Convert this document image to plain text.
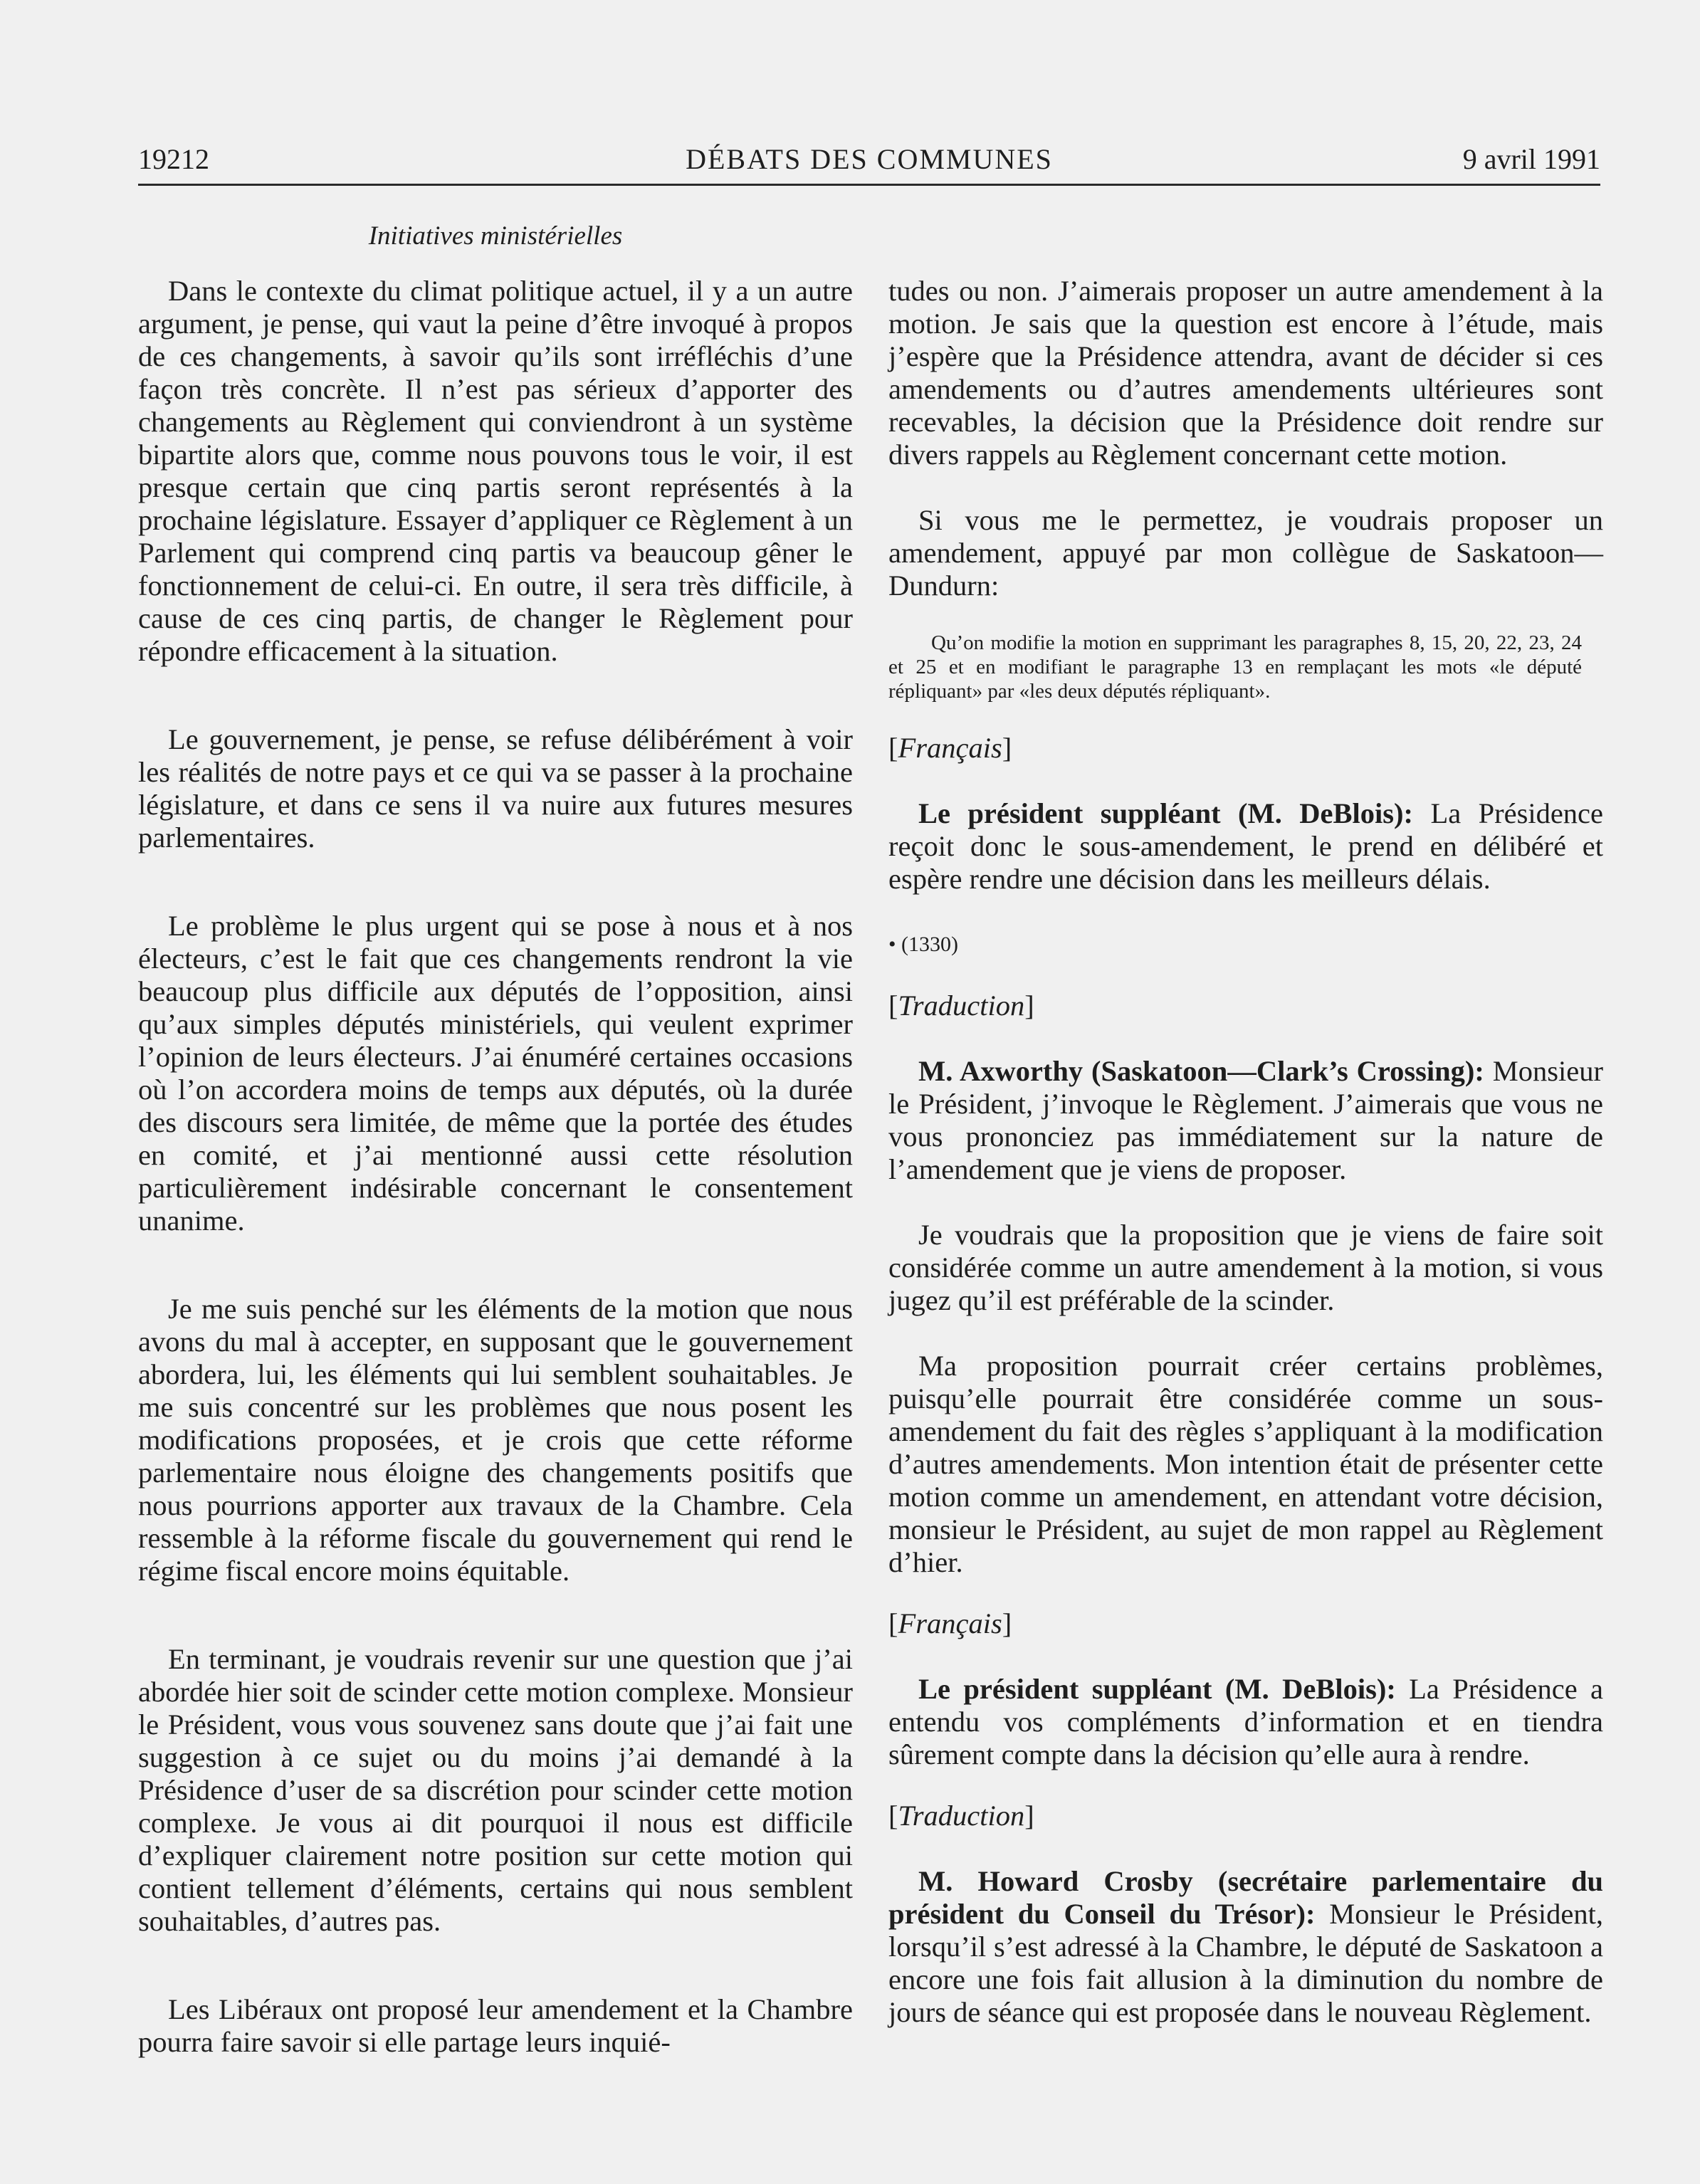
DÉBATS DES COMMUNES
19212	9 avril 1991
Initiatives ministérielles

Dans le contexte du climat politique actuel, il y a un autre argument, je pense, qui vaut la peine d’être invoqué à propos de ces changements, à savoir qu’ils sont irréfléchis d’une façon très concrète. Il n’est pas sérieux d’apporter des changements au Règlement qui conviendront à un système bipartite alors que, comme nous pouvons tous le voir, il est presque certain que cinq partis seront représentés à la prochaine législature. Essayer d’appliquer ce Règlement à un Parlement qui comprend cinq partis va beaucoup gêner le fonctionnement de celui-ci. En outre, il sera très difficile, à cause de ces cinq partis, de changer le Règlement pour répondre efficacement à la situation.

Le gouvernement, je pense, se refuse délibérément à voir les réalités de notre pays et ce qui va se passer à la prochaine législature, et dans ce sens il va nuire aux futures mesures parlementaires.

Le problème le plus urgent qui se pose à nous et à nos électeurs, c’est le fait que ces changements rendront la vie beaucoup plus difficile aux députés de l’opposition, ainsi qu’aux simples députés ministériels, qui veulent exprimer l’opinion de leurs électeurs. J’ai énuméré certaines occasions où l’on accordera moins de temps aux députés, où la durée des discours sera limitée, de même que la portée des études en comité, et j’ai mentionné aussi cette résolution particulièrement indésirable concernant le consentement unanime.

Je me suis penché sur les éléments de la motion que nous avons du mal à accepter, en supposant que le gouvernement abordera, lui, les éléments qui lui semblent souhaitables. Je me suis concentré sur les problèmes que nous posent les modifications proposées, et je crois que cette réforme parlementaire nous éloigne des changements positifs que nous pourrions apporter aux travaux de la Chambre. Cela ressemble à la réforme fiscale du gouvernement qui rend le régime fiscal encore moins équitable.

En terminant, je voudrais revenir sur une question que j’ai abordée hier soit de scinder cette motion complexe. Monsieur le Président, vous vous souvenez sans doute que j’ai fait une suggestion à ce sujet ou du moins j’ai demandé à la Présidence d’user de sa discrétion pour scinder cette motion complexe. Je vous ai dit pourquoi il nous est difficile d’expliquer clairement notre position sur cette motion qui contient tellement d’éléments, certains qui nous semblent souhaitables, d’autres pas.

Les Libéraux ont proposé leur amendement et la Chambre pourra faire savoir si elle partage leurs inquié-

tudes ou non. J’aimerais proposer un autre amendement à la motion. Je sais que la question est encore à l’étude, mais j’espère que la Présidence attendra, avant de décider si ces amendements ou d’autres amendements ultérieures sont recevables, la décision que la Présidence doit rendre sur divers rappels au Règlement concernant cette motion.

Si vous me le permettez, je voudrais proposer un amendement, appuyé par mon collègue de Saskatoon—Dundurn:

Qu’on modifie la motion en supprimant les paragraphes 8, 15, 20, 22, 23, 24 et 25 et en modifiant le paragraphe 13 en remplaçant les mots «le député répliquant» par «les deux députés répliquant».

[Français]

Le président suppléant (M. DeBlois): La Présidence reçoit donc le sous-amendement, le prend en délibéré et espère rendre une décision dans les meilleurs délais.

• (1330)

[Traduction]

M. Axworthy (Saskatoon—Clark’s Crossing): Monsieur le Président, j’invoque le Règlement. J’aimerais que vous ne vous prononciez pas immédiatement sur la nature de l’amendement que je viens de proposer.

Je voudrais que la proposition que je viens de faire soit considérée comme un autre amendement à la motion, si vous jugez qu’il est préférable de la scinder.

Ma proposition pourrait créer certains problèmes, puisqu’elle pourrait être considérée comme un sous-amendement du fait des règles s’appliquant à la modification d’autres amendements. Mon intention était de présenter cette motion comme un amendement, en attendant votre décision, monsieur le Président, au sujet de mon rappel au Règlement d’hier.

[Français]

Le président suppléant (M. DeBlois): La Présidence a entendu vos compléments d’information et en tiendra sûrement compte dans la décision qu’elle aura à rendre.

[Traduction]

M. Howard Crosby (secrétaire parlementaire du président du Conseil du Trésor): Monsieur le Président, lorsqu’il s’est adressé à la Chambre, le député de Saskatoon a encore une fois fait allusion à la diminution du nombre de jours de séance qui est proposée dans le nouveau Règlement.
